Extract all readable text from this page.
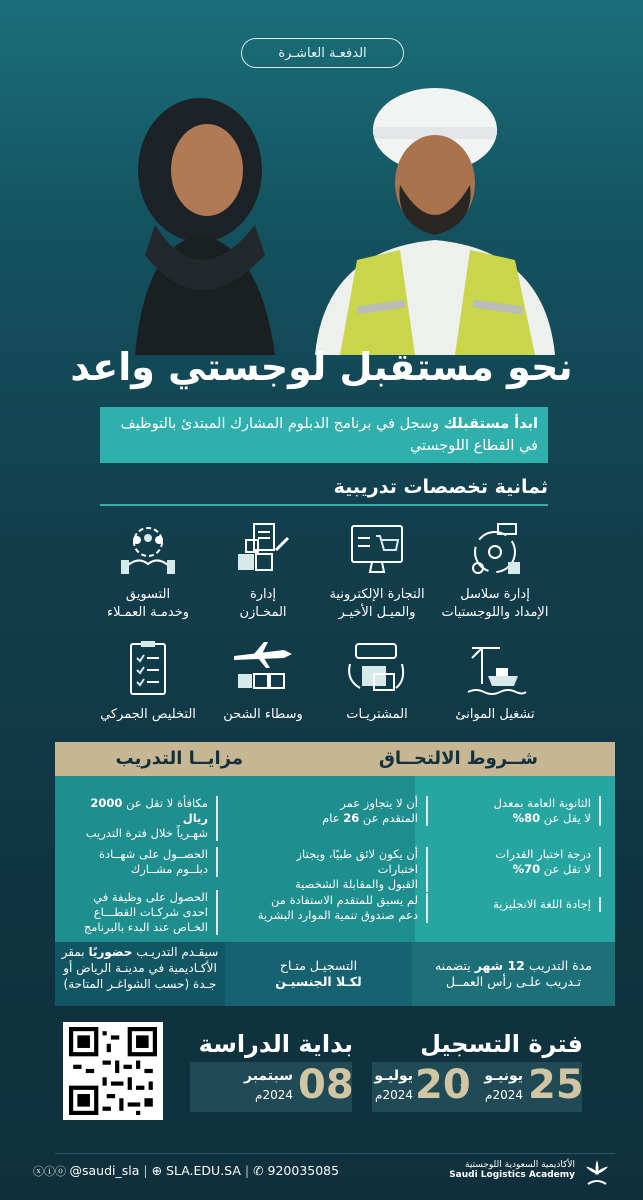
الدفعـة العاشـرة
نحو مستقبل لوجستي واعد
ابدأ مستقبلك وسجل في برنامج الدبلوم المشارك المبتدئ بالتوظيف في القطاع اللوجستي
ثمانية تخصصات تدريبية
إدارة سلاسل
الإمداد واللوجستيات
التجارة الإلكترونية
والميـل الأخيـر
إدارة
المخـازن
التسويق
وخدمـة العمـلاء
تشغيل الموانئ
المشتريـات
وسطاء الشحن
التخليص الجمركي
شــروط الالتحــاق
مزايــا التدريب
الثانوية العامة بمعدل
لا يقل عن 80%
درجة اختبار القدرات
لا تقل عن 70%
إجادة اللغة الانجليزية
أن لا يتجاوز عمر
المتقدم عن 26 عام
أن يكون لائق طبيًا، ويجتاز اختبارات
القبول والمقابلة الشخصية
لم يسبق للمتقدم الاستفادة من
دعم صندوق تنمية الموارد البشرية
مكافأة لا تقل عن 2000 ريال
شهـرياً خلال فترة التدريب
الحصــول على شهــادة
دبلــوم مشــارك
الحصول على وظيفة في
احدى شركـات القطـــاع
الخـاص عند البدء بالبرنامج
مدة التدريب 12 شهر يتضمنه
تـدريب علـى رأس العمــل
التسجيـل متـاح
لكـلا الجنسيـن
سيقـدم التدريـب حضوريًا بمقر
الأكـاديمية في مدينـة الرياض أو
جـدة (حسب الشواغـر المتاحة)
فترة التسجيل
25
يونيـو
2024م
20
يوليـو
2024م
بداية الدراسة
08
سبتمبر
2024م
ⓧⓘⓞ @saudi_sla | ⊕ SLA.EDU.SA | ✆ 920035085	الأكاديمية السعودية اللوجستية
Saudi Logistics Academy
